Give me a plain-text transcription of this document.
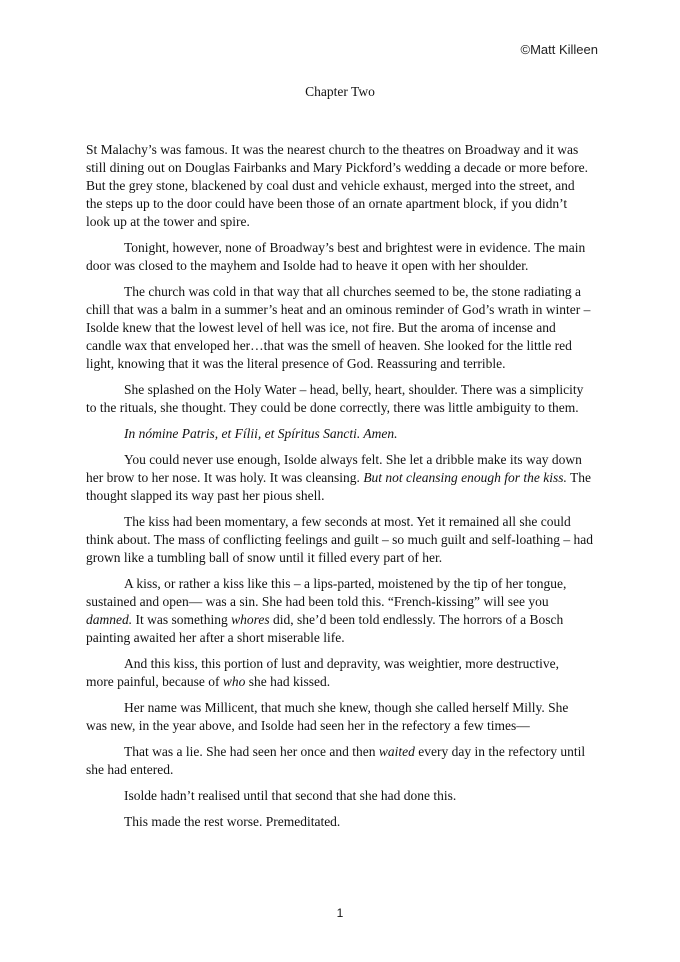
©Matt Killeen
Chapter Two

St Malachy’s was famous. It was the nearest church to the theatres on Broadway and it was
still dining out on Douglas Fairbanks and Mary Pickford’s wedding a decade or more before.
But the grey stone, blackened by coal dust and vehicle exhaust, merged into the street, and
the steps up to the door could have been those of an ornate apartment block, if you didn’t
look up at the tower and spire.

Tonight, however, none of Broadway’s best and brightest were in evidence. The main
door was closed to the mayhem and Isolde had to heave it open with her shoulder.

The church was cold in that way that all churches seemed to be, the stone radiating a
chill that was a balm in a summer’s heat and an ominous reminder of God’s wrath in winter –
Isolde knew that the lowest level of hell was ice, not fire. But the aroma of incense and
candle wax that enveloped her…that was the smell of heaven. She looked for the little red
light, knowing that it was the literal presence of God. Reassuring and terrible.

She splashed on the Holy Water – head, belly, heart, shoulder. There was a simplicity
to the rituals, she thought. They could be done correctly, there was little ambiguity to them.

In nómine Patris, et Fílii, et Spíritus Sancti. Amen.

You could never use enough, Isolde always felt. She let a dribble make its way down
her brow to her nose. It was holy. It was cleansing. But not cleansing enough for the kiss. The
thought slapped its way past her pious shell.

The kiss had been momentary, a few seconds at most. Yet it remained all she could
think about. The mass of conflicting feelings and guilt – so much guilt and self-loathing – had
grown like a tumbling ball of snow until it filled every part of her.

A kiss, or rather a kiss like this – a lips-parted, moistened by the tip of her tongue,
sustained and open— was a sin. She had been told this. “French-kissing” will see you
damned. It was something whores did, she’d been told endlessly. The horrors of a Bosch
painting awaited her after a short miserable life.

And this kiss, this portion of lust and depravity, was weightier, more destructive,
more painful, because of who she had kissed.

Her name was Millicent, that much she knew, though she called herself Milly. She
was new, in the year above, and Isolde had seen her in the refectory a few times—

That was a lie. She had seen her once and then waited every day in the refectory until
she had entered.

Isolde hadn’t realised until that second that she had done this.

This made the rest worse. Premeditated.

1
